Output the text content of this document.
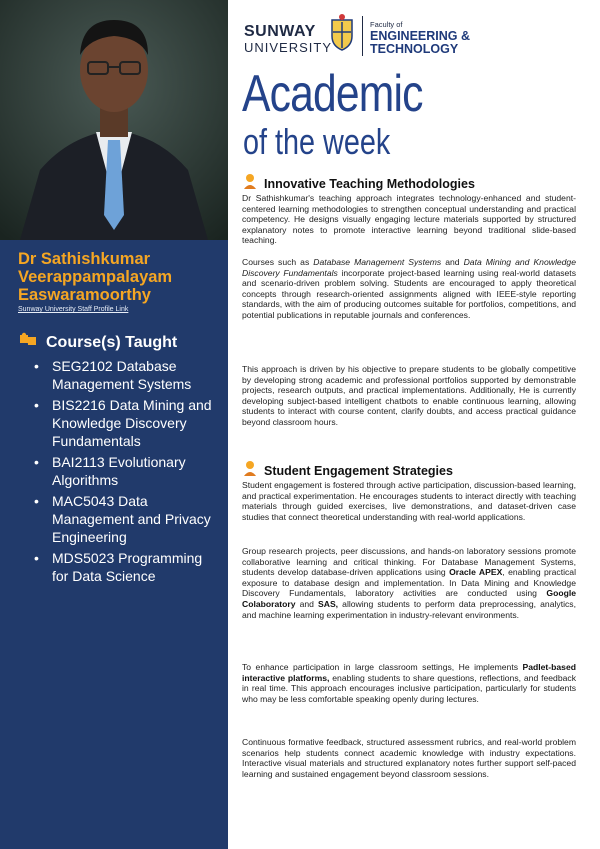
Dr Sathishkumar Veerappampalayam Easwaramoorthy
Sunway University Staff Profile Link
Course(s) Taught
• SEG2102 Database Management Systems
• BIS2216 Data Mining and Knowledge Discovery Fundamentals
• BAI2113 Evolutionary Algorithms
• MAC5043 Data Management and Privacy Engineering
• MDS5023 Programming for Data Science
SUNWAY
UNIVERSITY
Faculty of
ENGINEERING &
TECHNOLOGY
Academic
of the week
Innovative Teaching Methodologies
Dr Sathishkumar's teaching approach integrates technology-enhanced and student-centered learning methodologies to strengthen conceptual understanding and practical competency. He designs visually engaging lecture materials supported by structured explanatory notes to promote interactive learning beyond traditional slide-based teaching.
Courses such as Database Management Systems and Data Mining and Knowledge Discovery Fundamentals incorporate project-based learning using real-world datasets and scenario-driven problem solving. Students are encouraged to apply theoretical concepts through research-oriented assignments aligned with IEEE-style reporting standards, with the aim of producing outcomes suitable for portfolios, competitions, and potential publications in reputable journals and conferences.
This approach is driven by his objective to prepare students to be globally competitive by developing strong academic and professional portfolios supported by demonstrable projects, research outputs, and practical implementations. Additionally, He is currently developing subject-based intelligent chatbots to enable continuous learning, allowing students to interact with course content, clarify doubts, and access practical guidance beyond classroom hours.
Student Engagement Strategies
Student engagement is fostered through active participation, discussion-based learning, and practical experimentation. He encourages students to interact directly with teaching materials through guided exercises, live demonstrations, and dataset-driven case studies that connect theoretical understanding with real-world applications.
Group research projects, peer discussions, and hands-on laboratory sessions promote collaborative learning and critical thinking. For Database Management Systems, students develop database-driven applications using Oracle APEX, enabling practical exposure to database design and implementation. In Data Mining and Knowledge Discovery Fundamentals, laboratory activities are conducted using Google Colaboratory and SAS, allowing students to perform data preprocessing, analytics, and machine learning experimentation in industry-relevant environments.
To enhance participation in large classroom settings, He implements Padlet-based interactive platforms, enabling students to share questions, reflections, and feedback in real time. This approach encourages inclusive participation, particularly for students who may be less comfortable speaking openly during lectures.
Continuous formative feedback, structured assessment rubrics, and real-world problem scenarios help students connect academic knowledge with industry expectations. Interactive visual materials and structured explanatory notes further support self-paced learning and sustained engagement beyond classroom sessions.
